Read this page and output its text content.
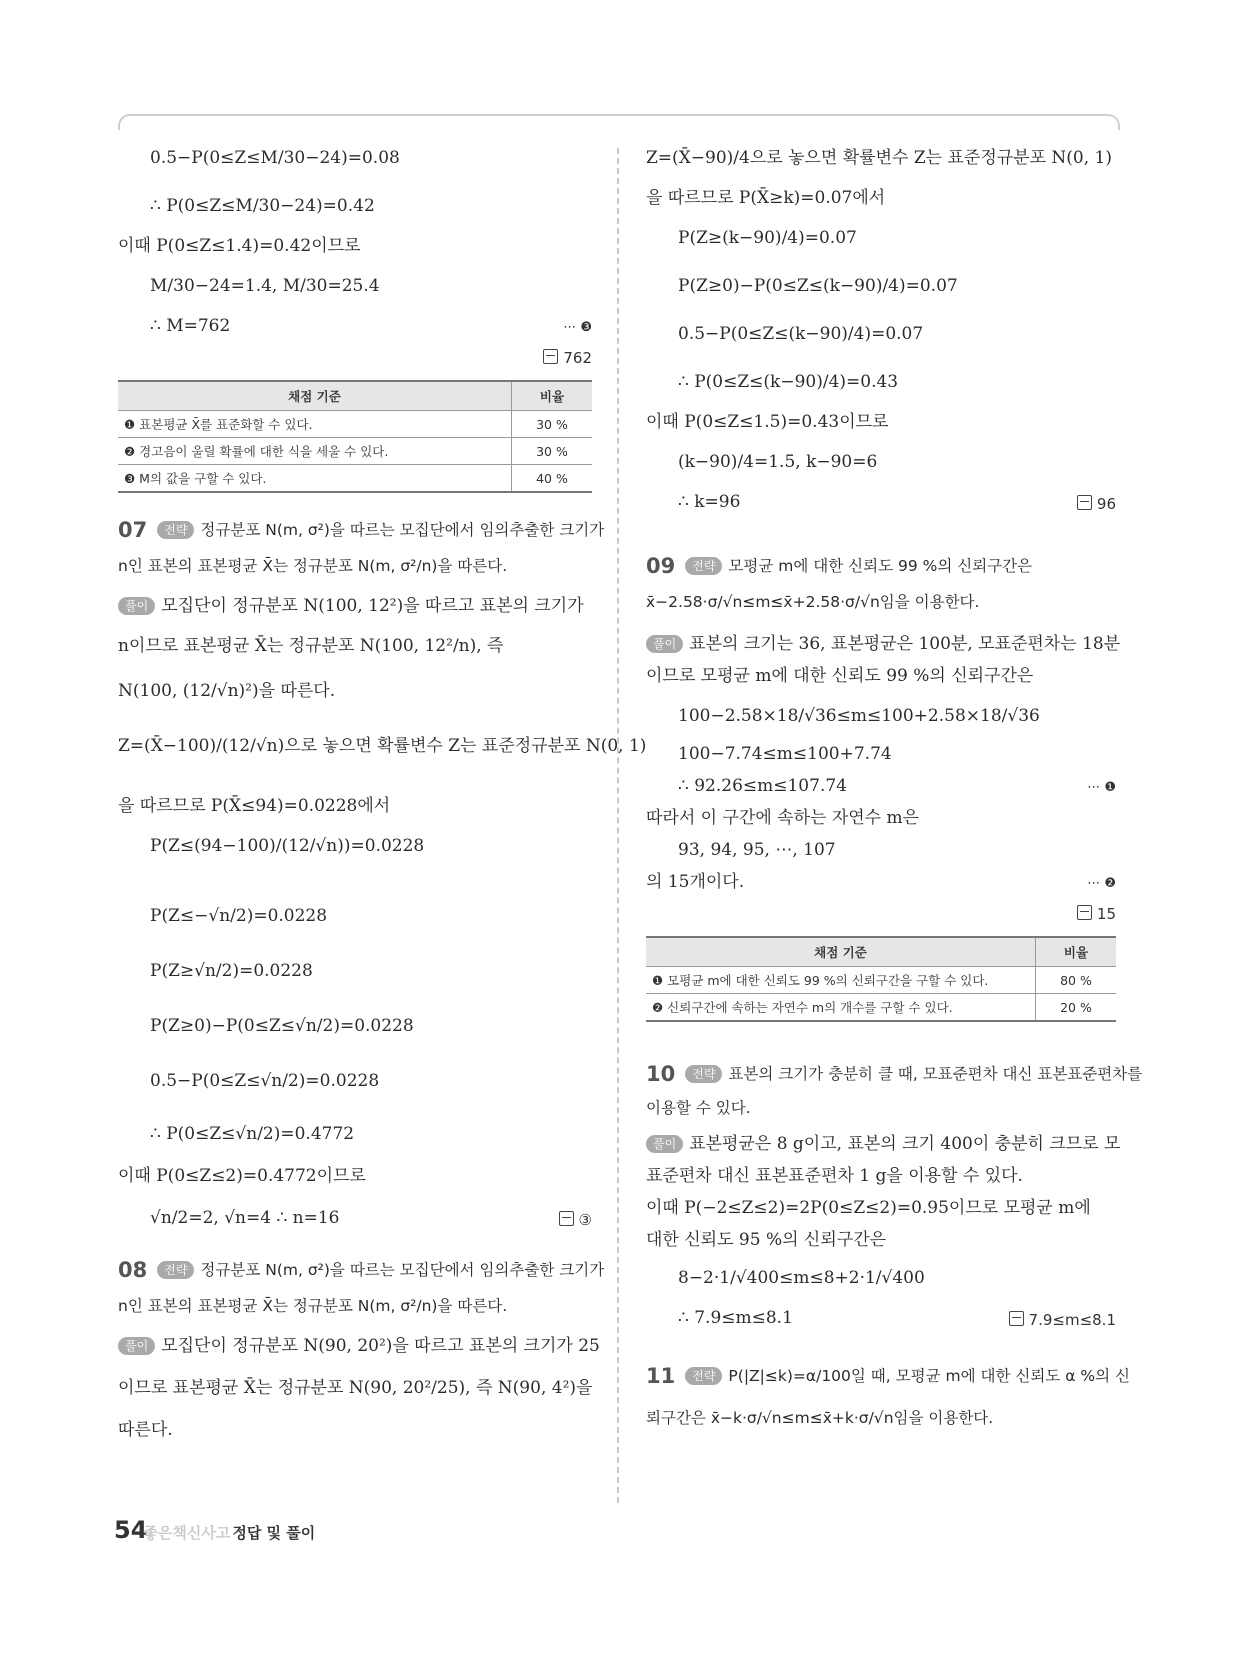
0.5−P(0≤Z≤M/30−24)=0.08
∴ P(0≤Z≤M/30−24)=0.42
이때 P(0≤Z≤1.4)=0.42이므로
M/30−24=1.4, M/30=25.4
∴ M=762	⋯ ❸
762
채점 기준	비율
❶ 표본평균 X̄를 표준화할 수 있다.	30 %
❷ 경고음이 울릴 확률에 대한 식을 세울 수 있다.	30 %
❸ M의 값을 구할 수 있다.	40 %
07 전략 정규분포 N(m, σ²)을 따르는 모집단에서 임의추출한 크기가
n인 표본의 표본평균 X̄는 정규분포 N(m, σ²/n)을 따른다.
풀이 모집단이 정규분포 N(100, 12²)을 따르고 표본의 크기가
n이므로 표본평균 X̄는 정규분포 N(100, 12²/n), 즉
N(100, (12/√n)²)을 따른다.
Z=(X̄−100)/(12/√n)으로 놓으면 확률변수 Z는 표준정규분포 N(0, 1)
을 따르므로 P(X̄≤94)=0.0228에서
P(Z≤(94−100)/(12/√n))=0.0228
P(Z≤−√n/2)=0.0228
P(Z≥√n/2)=0.0228
P(Z≥0)−P(0≤Z≤√n/2)=0.0228
0.5−P(0≤Z≤√n/2)=0.0228
∴ P(0≤Z≤√n/2)=0.4772
이때 P(0≤Z≤2)=0.4772이므로
√n/2=2, √n=4 ∴ n=16	③
08 전략 정규분포 N(m, σ²)을 따르는 모집단에서 임의추출한 크기가
n인 표본의 표본평균 X̄는 정규분포 N(m, σ²/n)을 따른다.
풀이 모집단이 정규분포 N(90, 20²)을 따르고 표본의 크기가 25
이므로 표본평균 X̄는 정규분포 N(90, 20²/25), 즉 N(90, 4²)을
따른다.
Z=(X̄−90)/4으로 놓으면 확률변수 Z는 표준정규분포 N(0, 1)
을 따르므로 P(X̄≥k)=0.07에서
P(Z≥(k−90)/4)=0.07
P(Z≥0)−P(0≤Z≤(k−90)/4)=0.07
0.5−P(0≤Z≤(k−90)/4)=0.07
∴ P(0≤Z≤(k−90)/4)=0.43
이때 P(0≤Z≤1.5)=0.43이므로
(k−90)/4=1.5, k−90=6
∴ k=96	96
09 전략 모평균 m에 대한 신뢰도 99 %의 신뢰구간은
x̄−2.58·σ/√n≤m≤x̄+2.58·σ/√n임을 이용한다.
풀이 표본의 크기는 36, 표본평균은 100분, 모표준편차는 18분
이므로 모평균 m에 대한 신뢰도 99 %의 신뢰구간은
100−2.58×18/√36≤m≤100+2.58×18/√36
100−7.74≤m≤100+7.74
∴ 92.26≤m≤107.74	⋯ ❶
따라서 이 구간에 속하는 자연수 m은
93, 94, 95, ⋯, 107
의 15개이다.	⋯ ❷
15
채점 기준	비율
❶ 모평균 m에 대한 신뢰도 99 %의 신뢰구간을 구할 수 있다.	80 %
❷ 신뢰구간에 속하는 자연수 m의 개수를 구할 수 있다.	20 %
10 전략 표본의 크기가 충분히 클 때, 모표준편차 대신 표본표준편차를
이용할 수 있다.
풀이 표본평균은 8 g이고, 표본의 크기 400이 충분히 크므로 모
표준편차 대신 표본표준편차 1 g을 이용할 수 있다.
이때 P(−2≤Z≤2)=2P(0≤Z≤2)=0.95이므로 모평균 m에
대한 신뢰도 95 %의 신뢰구간은
8−2·1/√400≤m≤8+2·1/√400
∴ 7.9≤m≤8.1	7.9≤m≤8.1
11 전략 P(|Z|≤k)=α/100일 때, 모평균 m에 대한 신뢰도 α %의 신
뢰구간은 x̄−k·σ/√n≤m≤x̄+k·σ/√n임을 이용한다.
54좋은책신사고 정답 및 풀이
